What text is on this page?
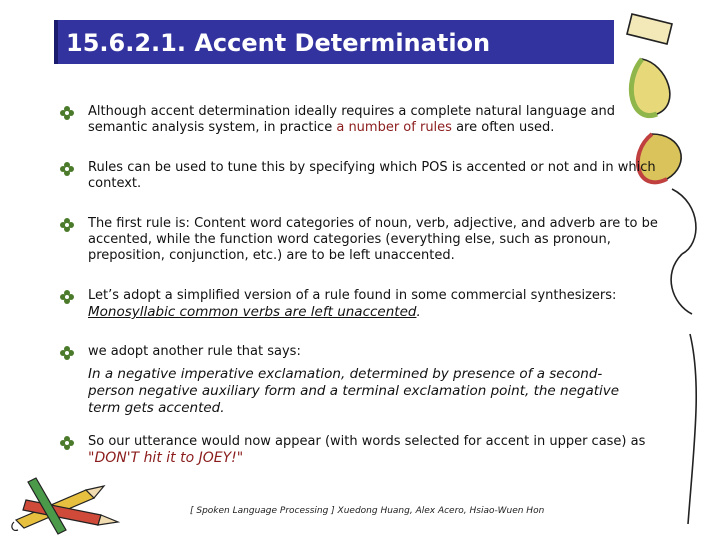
15.6.2.1. Accent Determination
Although accent determination ideally requires a complete natural language and semantic analysis system, in practice a number of rules are often used.
Rules can be used to tune this by specifying which POS is accented or not and in which context.
The first rule is: Content word categories of noun, verb, adjective, and adverb are to be accented, while the function word categories (everything else, such as pronoun, preposition, conjunction, etc.) are to be left unaccented.
Let’s adopt a simplified version of a rule found in some commercial synthesizers:
Monosyllabic common verbs are left unaccented.
we adopt another rule that says:
In a negative imperative exclamation, determined by presence of a second-person negative auxiliary form and a terminal exclamation point, the negative term gets accented.
So our utterance would now appear (with words selected for accent in upper case) as "DON'T hit it to JOEY!"
[ Spoken Language Processing ] Xuedong Huang, Alex Acero, Hsiao-Wuen Hon
